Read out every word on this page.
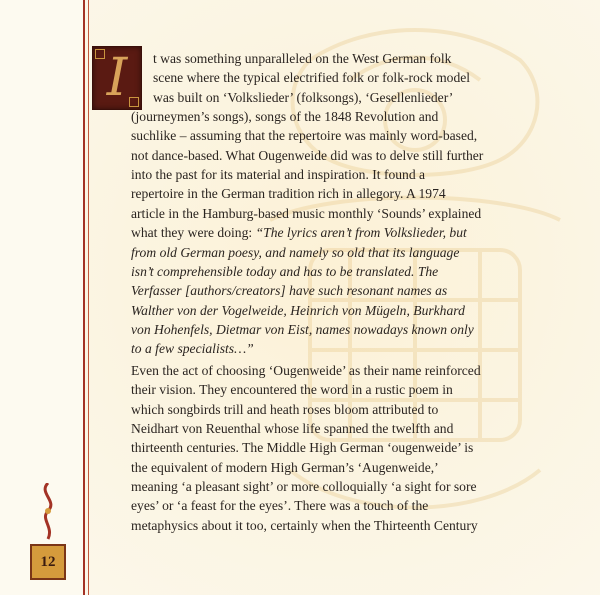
I	t was something unparalleled on the West German folk
scene where the typical electrified folk or folk-rock model
was built on ‘Volkslieder’ (folksongs), ‘Gesellenlieder’
(journeymen’s songs), songs of the 1848 Revolution and
suchlike – assuming that the repertoire was mainly word-based,
not dance-based. What Ougenweide did was to delve still further
into the past for its material and inspiration. It found a
repertoire in the German tradition rich in allegory. A 1974
article in the Hamburg-based music monthly ‘Sounds’ explained
what they were doing: “The lyrics aren’t from Volkslieder, but
from old German poesy, and namely so old that its language
isn’t comprehensible today and has to be translated. The
Verfasser [authors/creators] have such resonant names as
Walther von der Vogelweide, Heinrich von Mügeln, Burkhard
von Hohenfels, Dietmar von Eist, names nowadays known only
to a few specialists…”
Even the act of choosing ‘Ougenweide’ as their name reinforced
their vision. They encountered the word in a rustic poem in
which songbirds trill and heath roses bloom attributed to
Neidhart von Reuenthal whose life spanned the twelfth and
thirteenth centuries. The Middle High German ‘ougenweide’ is
the equivalent of modern High German’s ‘Augenweide,’
meaning ‘a pleasant sight’ or more colloquially ‘a sight for sore
eyes’ or ‘a feast for the eyes’. There was a touch of the
metaphysics about it too, certainly when the Thirteenth Century
12
